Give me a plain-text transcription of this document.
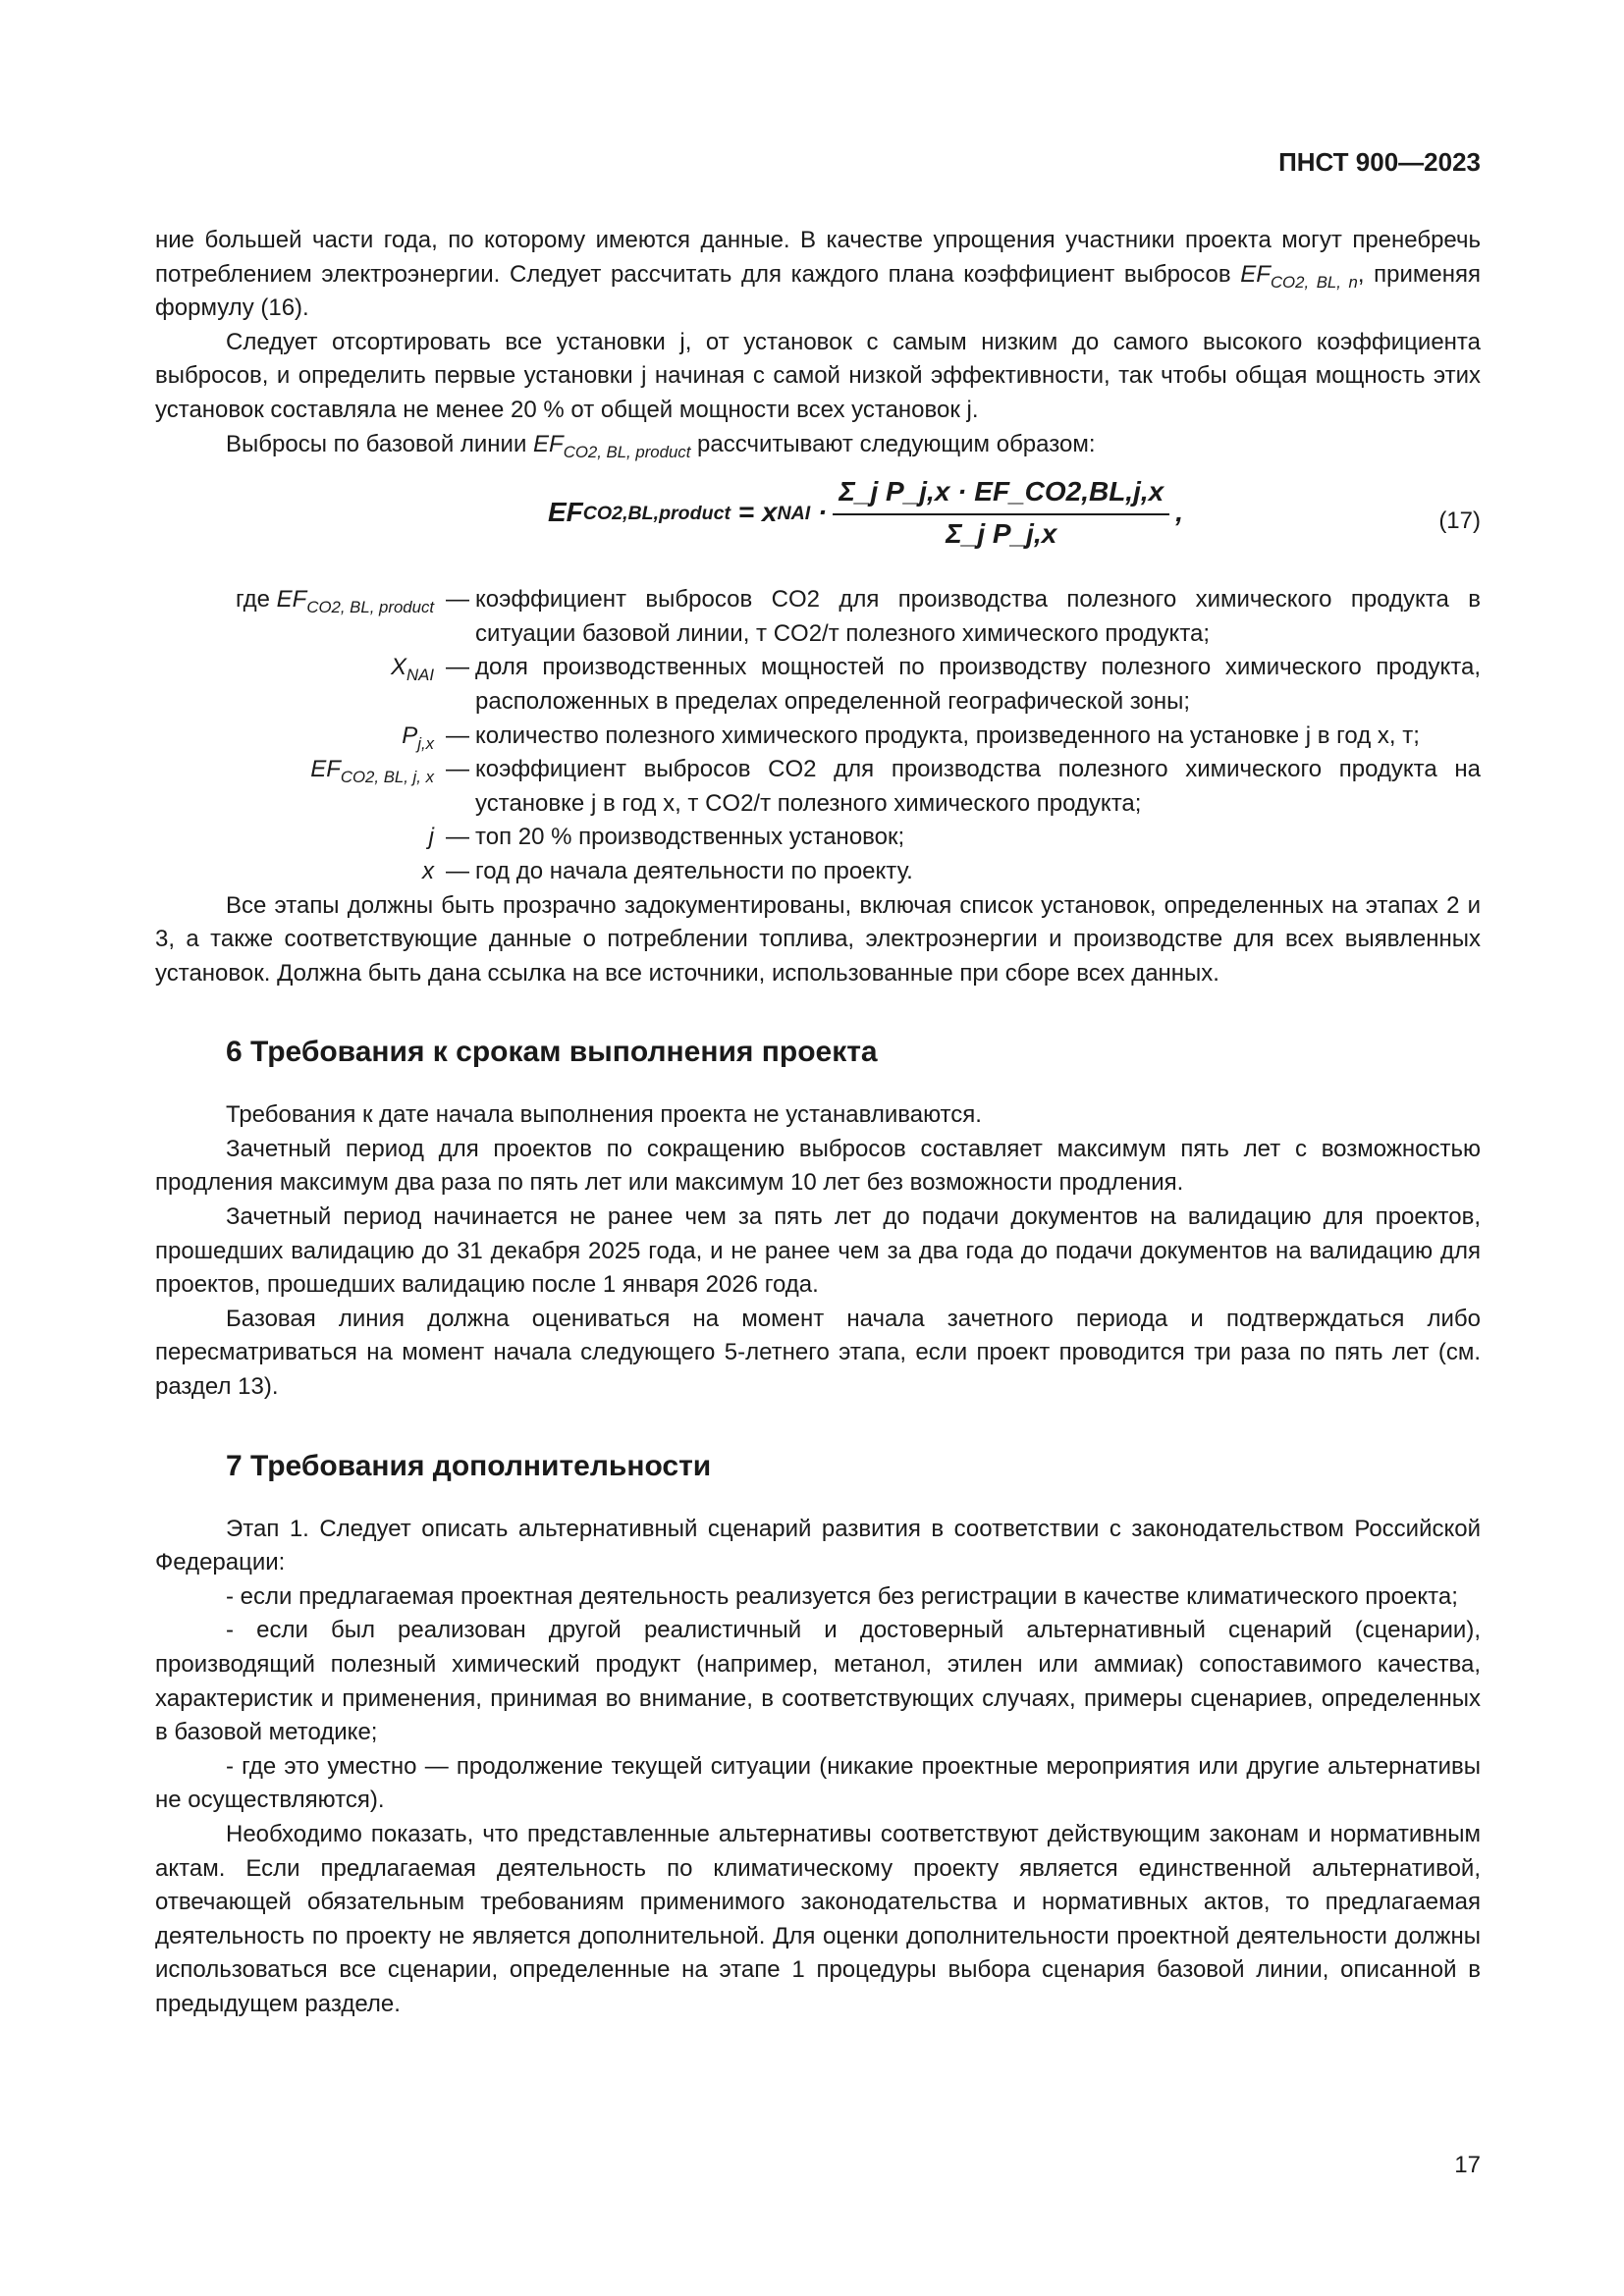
ПНСТ 900—2023

ние большей части года, по которому имеются данные. В качестве упрощения участники проекта могут пренебречь потреблением электроэнергии. Следует рассчитать для каждого плана коэффициент выбросов $EF_{CO2, BL, n}$, применяя формулу (16).

Следует отсортировать все установки j, от установок с самым низким до самого высокого коэффициента выбросов, и определить первые установки j начиная с самой низкой эффективности, так чтобы общая мощность этих установок составляла не менее 20 % от общей мощности всех установок j.

Выбросы по базовой линии $EF_{CO2, BL, product}$ рассчитывают следующим образом:

EF CO2,BL,product = x NAI · $\frac{\text{Σ\_j P\_j,x · EF\_CO2,BL,j,x}}{\text{Σ\_j P\_j,x}}$ ,	(17)
где $EF_{CO2, BL, product}$ — коэффициент выбросов CO2 для производства полезного химического продукта в ситуации базовой линии, т CO2/т полезного химического продукта;
$X_{NAI}$ — доля производственных мощностей по производству полезного химического продукта, расположенных в пределах определенной географической зоны;
$P_{j,x}$ — количество полезного химического продукта, произведенного на установке j в год x, т;
$EF_{CO2, BL, j, x}$ — коэффициент выбросов CO2 для производства полезного химического продукта на установке j в год x, т CO2/т полезного химического продукта;
j — топ 20 % производственных установок;
x — год до начала деятельности по проекту.

Все этапы должны быть прозрачно задокументированы, включая список установок, определенных на этапах 2 и 3, а также соответствующие данные о потреблении топлива, электроэнергии и производстве для всех выявленных установок. Должна быть дана ссылка на все источники, использованные при сборе всех данных.

6 Требования к срокам выполнения проекта

Требования к дате начала выполнения проекта не устанавливаются.

Зачетный период для проектов по сокращению выбросов составляет максимум пять лет с возможностью продления максимум два раза по пять лет или максимум 10 лет без возможности продления.

Зачетный период начинается не ранее чем за пять лет до подачи документов на валидацию для проектов, прошедших валидацию до 31 декабря 2025 года, и не ранее чем за два года до подачи документов на валидацию для проектов, прошедших валидацию после 1 января 2026 года.

Базовая линия должна оцениваться на момент начала зачетного периода и подтверждаться либо пересматриваться на момент начала следующего 5-летнего этапа, если проект проводится три раза по пять лет (см. раздел 13).

7 Требования дополнительности

Этап 1. Следует описать альтернативный сценарий развития в соответствии с законодательством Российской Федерации:

- если предлагаемая проектная деятельность реализуется без регистрации в качестве климатического проекта;

- если был реализован другой реалистичный и достоверный альтернативный сценарий (сценарии), производящий полезный химический продукт (например, метанол, этилен или аммиак) сопоставимого качества, характеристик и применения, принимая во внимание, в соответствующих случаях, примеры сценариев, определенных в базовой методике;

- где это уместно — продолжение текущей ситуации (никакие проектные мероприятия или другие альтернативы не осуществляются).

Необходимо показать, что представленные альтернативы соответствуют действующим законам и нормативным актам. Если предлагаемая деятельность по климатическому проекту является единственной альтернативой, отвечающей обязательным требованиям применимого законодательства и нормативных актов, то предлагаемая деятельность по проекту не является дополнительной. Для оценки дополнительности проектной деятельности должны использоваться все сценарии, определенные на этапе 1 процедуры выбора сценария базовой линии, описанной в предыдущем разделе.

17
